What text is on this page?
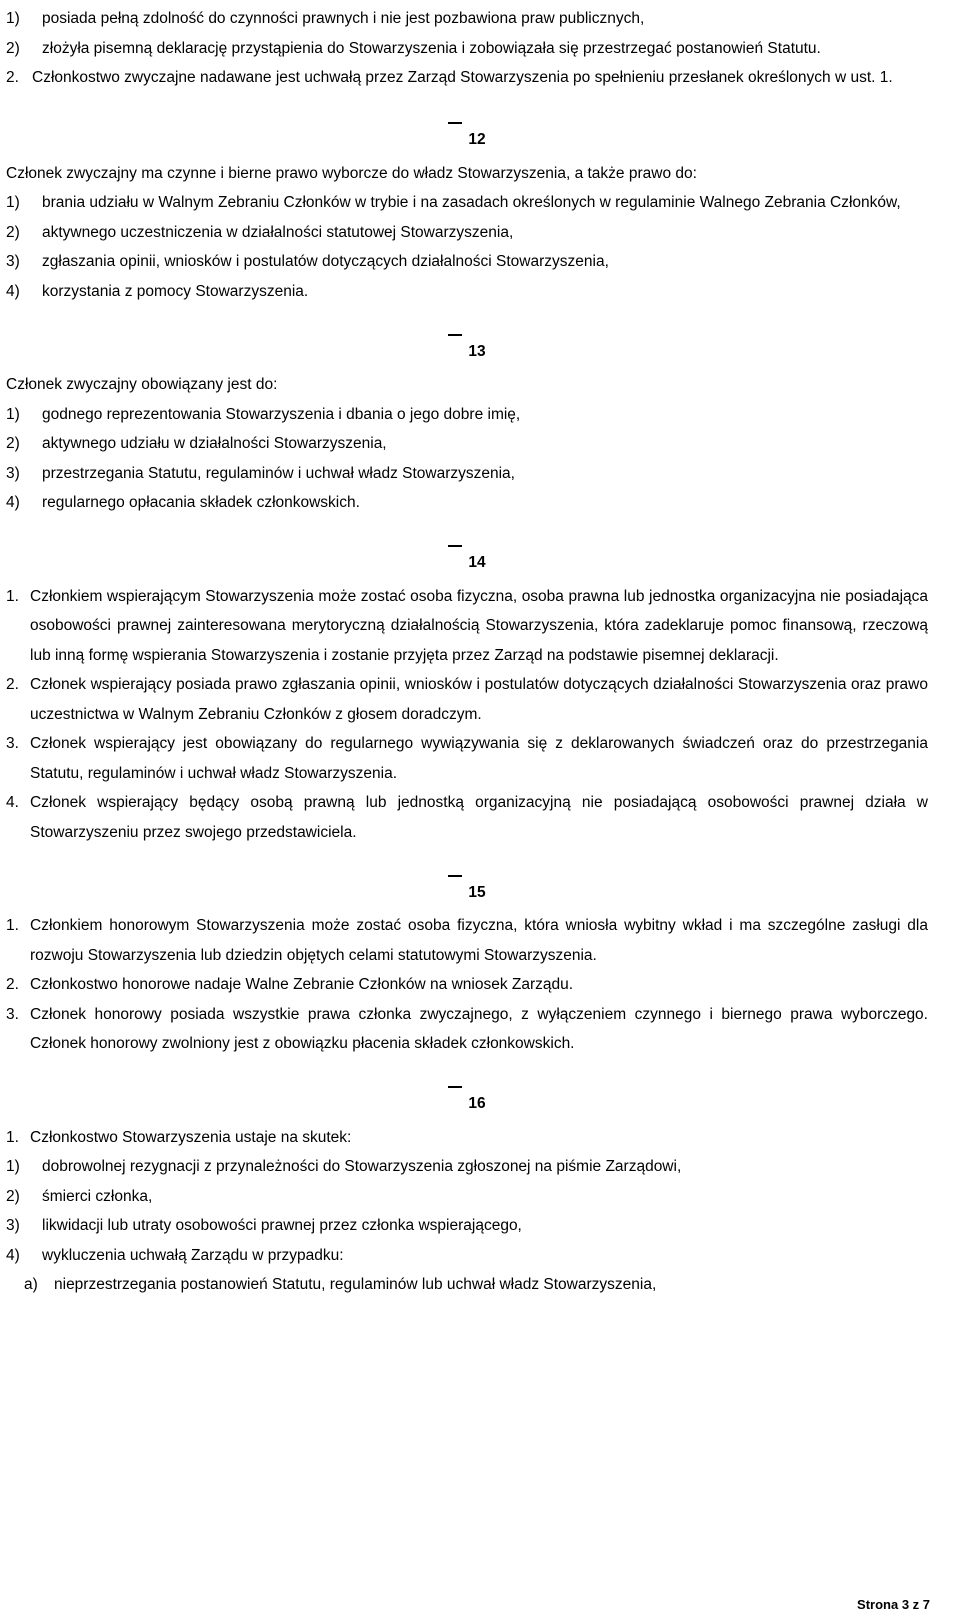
1)	posiada pełną zdolność do czynności prawnych i nie jest pozbawiona praw publicznych,
2)	złożyła pisemną deklarację przystąpienia do Stowarzyszenia i zobowiązała się przestrzegać postanowień Statutu.
2. Członkostwo zwyczajne nadawane jest uchwałą przez Zarząd Stowarzyszenia po spełnieniu przesłanek określonych w ust. 1.
12

Członek zwyczajny ma czynne i bierne prawo wyborcze do władz Stowarzyszenia, a także prawo do:

1)	brania udziału w Walnym Zebraniu Członków w trybie i na zasadach określonych w regulaminie Walnego Zebrania Członków,
2)	aktywnego uczestniczenia w działalności statutowej Stowarzyszenia,
3)	zgłaszania opinii, wniosków i postulatów dotyczących działalności Stowarzyszenia,
4)	korzystania z pomocy Stowarzyszenia.
13

Członek zwyczajny obowiązany jest do:

1)	godnego reprezentowania Stowarzyszenia i dbania o jego dobre imię,
2)	aktywnego udziału w działalności Stowarzyszenia,
3)	przestrzegania Statutu, regulaminów i uchwał władz Stowarzyszenia,
4)	regularnego opłacania składek członkowskich.
14
1. Członkiem wspierającym Stowarzyszenia może zostać osoba fizyczna, osoba prawna lub jednostka organizacyjna nie posiadająca osobowości prawnej zainteresowana merytoryczną działalnością Stowarzyszenia, która zadeklaruje pomoc finansową, rzeczową lub inną formę wspierania Stowarzyszenia i zostanie przyjęta przez Zarząd na podstawie pisemnej deklaracji.
2. Członek wspierający posiada prawo zgłaszania opinii, wniosków i postulatów dotyczących działalności Stowarzyszenia oraz prawo uczestnictwa w Walnym Zebraniu Członków z głosem doradczym.
3. Członek wspierający jest obowiązany do regularnego wywiązywania się z deklarowanych świadczeń oraz do przestrzegania Statutu, regulaminów i uchwał władz Stowarzyszenia.
4. Członek wspierający będący osobą prawną lub jednostką organizacyjną nie posiadającą osobowości prawnej działa w Stowarzyszeniu przez swojego przedstawiciela.
15
1. Członkiem honorowym Stowarzyszenia może zostać osoba fizyczna, która wniosła wybitny wkład i ma szczególne zasługi dla rozwoju Stowarzyszenia lub dziedzin objętych celami statutowymi Stowarzyszenia.
2. Członkostwo honorowe nadaje Walne Zebranie Członków na wniosek Zarządu.
3. Członek honorowy posiada wszystkie prawa członka zwyczajnego, z wyłączeniem czynnego i biernego prawa wyborczego. Członek honorowy zwolniony jest z obowiązku płacenia składek członkowskich.
16
1. Członkostwo Stowarzyszenia ustaje na skutek:
1)	dobrowolnej rezygnacji z przynależności do Stowarzyszenia zgłoszonej na piśmie Zarządowi,
2)	śmierci członka,
3)	likwidacji lub utraty osobowości prawnej przez członka wspierającego,
4)	wykluczenia uchwałą Zarządu w przypadku:
a)	nieprzestrzegania postanowień Statutu, regulaminów lub uchwał władz Stowarzyszenia,
Strona 3 z 7
